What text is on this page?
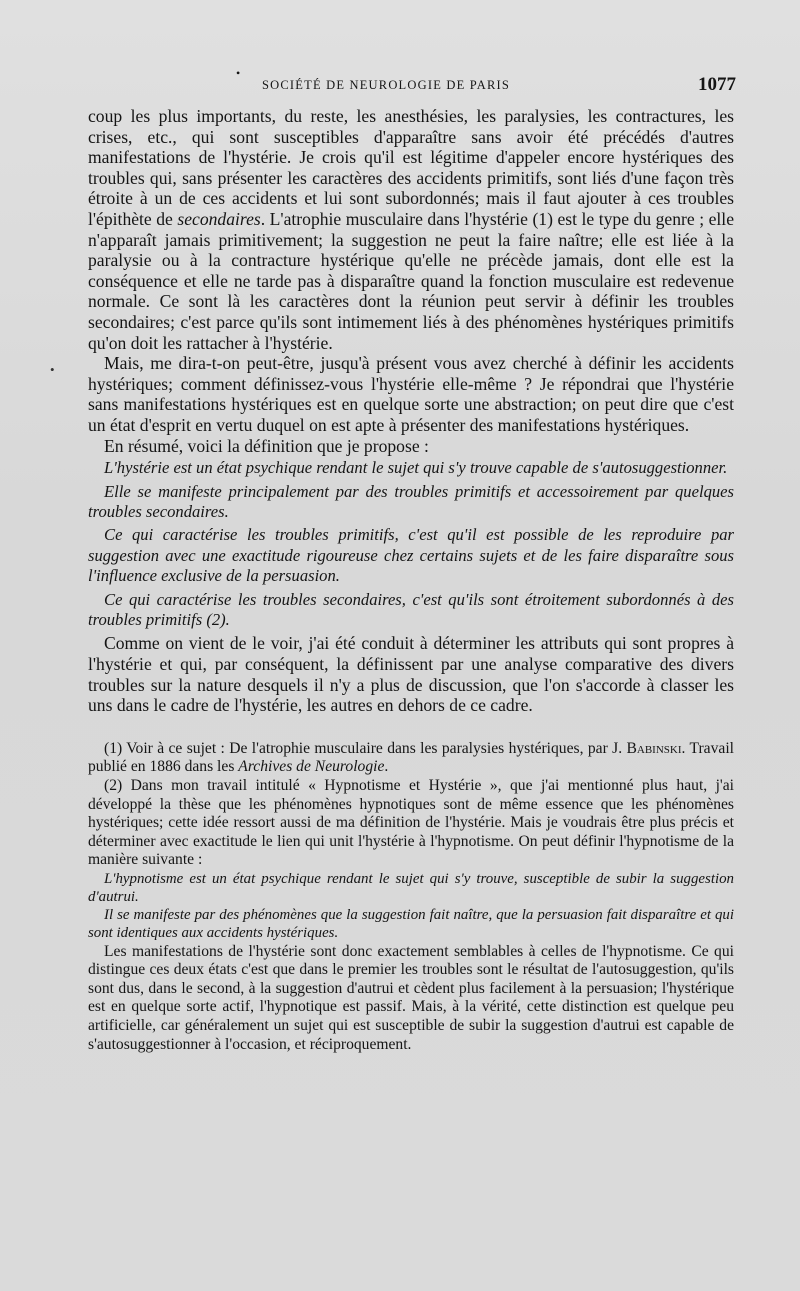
•
•
SOCIÉTÉ DE NEUROLOGIE DE PARIS	1077

coup les plus importants, du reste, les anesthésies, les paralysies, les contractures, les crises, etc., qui sont susceptibles d'apparaître sans avoir été précédés d'autres manifestations de l'hystérie. Je crois qu'il est légitime d'appeler encore hystériques des troubles qui, sans présenter les caractères des accidents primitifs, sont liés d'une façon très étroite à un de ces accidents et lui sont subordonnés; mais il faut ajouter à ces troubles l'épithète de secondaires. L'atrophie musculaire dans l'hystérie (1) est le type du genre ; elle n'apparaît jamais primitivement; la suggestion ne peut la faire naître; elle est liée à la paralysie ou à la contracture hystérique qu'elle ne précède jamais, dont elle est la conséquence et elle ne tarde pas à disparaître quand la fonction musculaire est redevenue normale. Ce sont là les caractères dont la réunion peut servir à définir les troubles secondaires; c'est parce qu'ils sont intimement liés à des phénomènes hystériques primitifs qu'on doit les rattacher à l'hystérie.

Mais, me dira-t-on peut-être, jusqu'à présent vous avez cherché à définir les accidents hystériques; comment définissez-vous l'hystérie elle-même ? Je répondrai que l'hystérie sans manifestations hystériques est en quelque sorte une abstraction; on peut dire que c'est un état d'esprit en vertu duquel on est apte à présenter des manifestations hystériques.

En résumé, voici la définition que je propose :

L'hystérie est un état psychique rendant le sujet qui s'y trouve capable de s'autosuggestionner.

Elle se manifeste principalement par des troubles primitifs et accessoirement par quelques troubles secondaires.

Ce qui caractérise les troubles primitifs, c'est qu'il est possible de les reproduire par suggestion avec une exactitude rigoureuse chez certains sujets et de les faire disparaître sous l'influence exclusive de la persuasion.

Ce qui caractérise les troubles secondaires, c'est qu'ils sont étroitement subordonnés à des troubles primitifs (2).

Comme on vient de le voir, j'ai été conduit à déterminer les attributs qui sont propres à l'hystérie et qui, par conséquent, la définissent par une analyse comparative des divers troubles sur la nature desquels il n'y a plus de discussion, que l'on s'accorde à classer les uns dans le cadre de l'hystérie, les autres en dehors de ce cadre.

(1) Voir à ce sujet : De l'atrophie musculaire dans les paralysies hystériques, par J. Babinski. Travail publié en 1886 dans les Archives de Neurologie.

(2) Dans mon travail intitulé « Hypnotisme et Hystérie », que j'ai mentionné plus haut, j'ai développé la thèse que les phénomènes hypnotiques sont de même essence que les phénomènes hystériques; cette idée ressort aussi de ma définition de l'hystérie. Mais je voudrais être plus précis et déterminer avec exactitude le lien qui unit l'hystérie à l'hypnotisme. On peut définir l'hypnotisme de la manière suivante :

L'hypnotisme est un état psychique rendant le sujet qui s'y trouve, susceptible de subir la suggestion d'autrui.

Il se manifeste par des phénomènes que la suggestion fait naître, que la persuasion fait disparaître et qui sont identiques aux accidents hystériques.

Les manifestations de l'hystérie sont donc exactement semblables à celles de l'hypnotisme. Ce qui distingue ces deux états c'est que dans le premier les troubles sont le résultat de l'autosuggestion, qu'ils sont dus, dans le second, à la suggestion d'autrui et cèdent plus facilement à la persuasion; l'hystérique est en quelque sorte actif, l'hypnotique est passif. Mais, à la vérité, cette distinction est quelque peu artificielle, car généralement un sujet qui est susceptible de subir la suggestion d'autrui est capable de s'autosuggestionner à l'occasion, et réciproquement.
